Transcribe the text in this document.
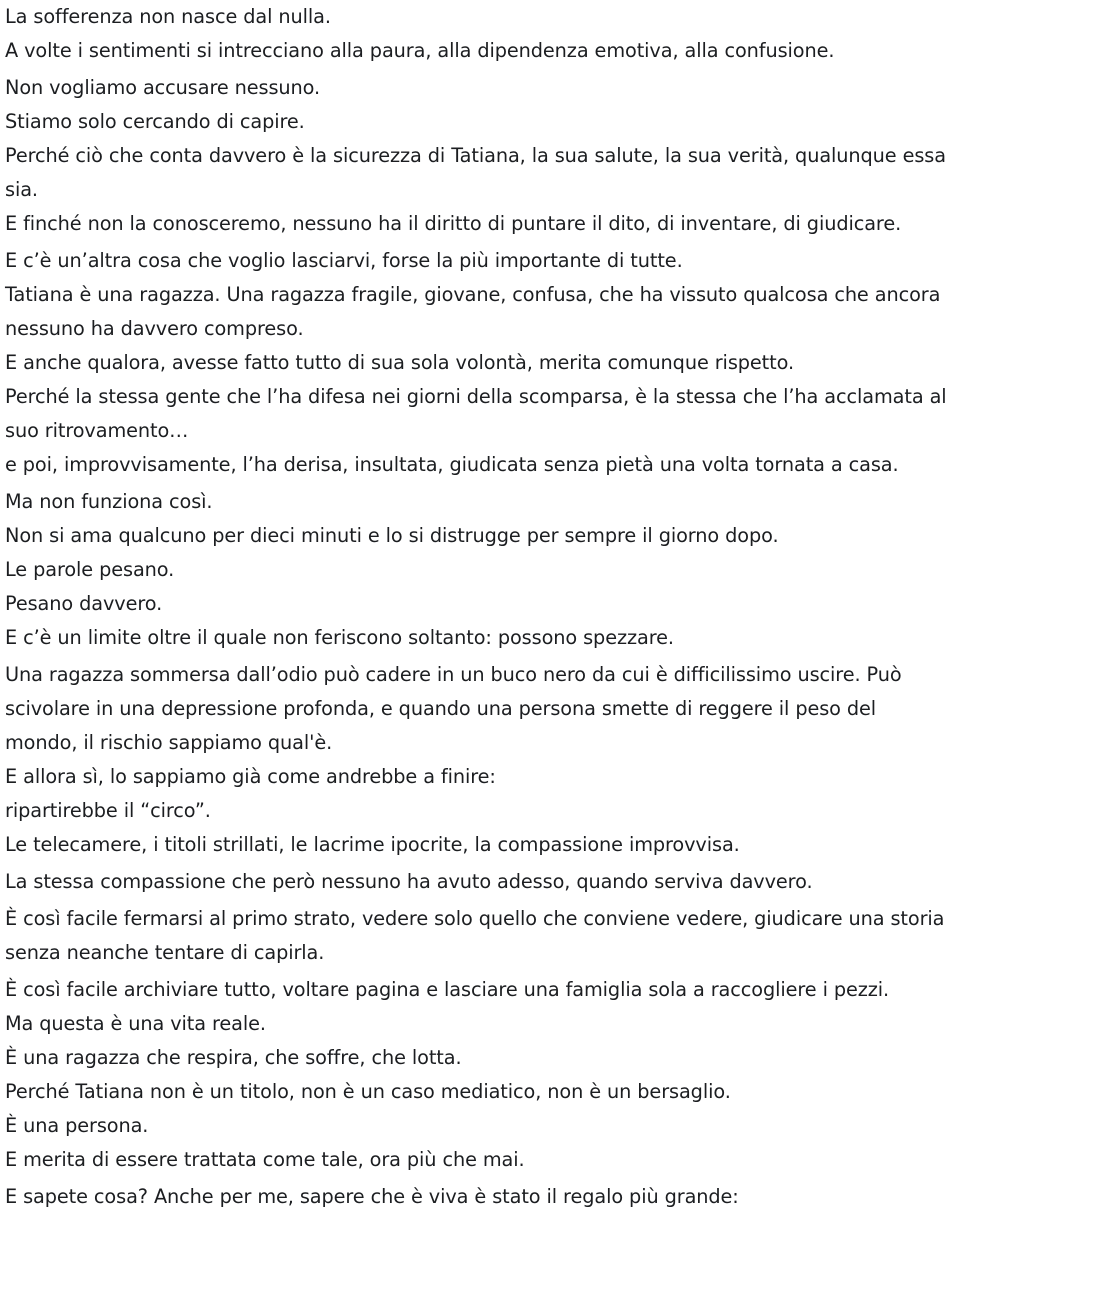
La sofferenza non nasce dal nulla.
A volte i sentimenti si intrecciano alla paura, alla dipendenza emotiva, alla confusione.
Non vogliamo accusare nessuno.
Stiamo solo cercando di capire.
Perché ciò che conta davvero è la sicurezza di Tatiana, la sua salute, la sua verità, qualunque essa
sia.
E finché non la conosceremo, nessuno ha il diritto di puntare il dito, di inventare, di giudicare.
E c’è un’altra cosa che voglio lasciarvi, forse la più importante di tutte.
Tatiana è una ragazza. Una ragazza fragile, giovane, confusa, che ha vissuto qualcosa che ancora
nessuno ha davvero compreso.
E anche qualora, avesse fatto tutto di sua sola volontà, merita comunque rispetto.
Perché la stessa gente che l’ha difesa nei giorni della scomparsa, è la stessa che l’ha acclamata al
suo ritrovamento…
e poi, improvvisamente, l’ha derisa, insultata, giudicata senza pietà una volta tornata a casa.
Ma non funziona così.
Non si ama qualcuno per dieci minuti e lo si distrugge per sempre il giorno dopo.
Le parole pesano.
Pesano davvero.
E c’è un limite oltre il quale non feriscono soltanto: possono spezzare.
Una ragazza sommersa dall’odio può cadere in un buco nero da cui è difficilissimo uscire. Può
scivolare in una depressione profonda, e quando una persona smette di reggere il peso del
mondo, il rischio sappiamo qual'è.
E allora sì, lo sappiamo già come andrebbe a finire:
ripartirebbe il “circo”.
Le telecamere, i titoli strillati, le lacrime ipocrite, la compassione improvvisa.
La stessa compassione che però nessuno ha avuto adesso, quando serviva davvero.
È così facile fermarsi al primo strato, vedere solo quello che conviene vedere, giudicare una storia
senza neanche tentare di capirla.
È così facile archiviare tutto, voltare pagina e lasciare una famiglia sola a raccogliere i pezzi.
Ma questa è una vita reale.
È una ragazza che respira, che soffre, che lotta.
Perché Tatiana non è un titolo, non è un caso mediatico, non è un bersaglio.
È una persona.
E merita di essere trattata come tale, ora più che mai.
E sapete cosa? Anche per me, sapere che è viva è stato il regalo più grande:
